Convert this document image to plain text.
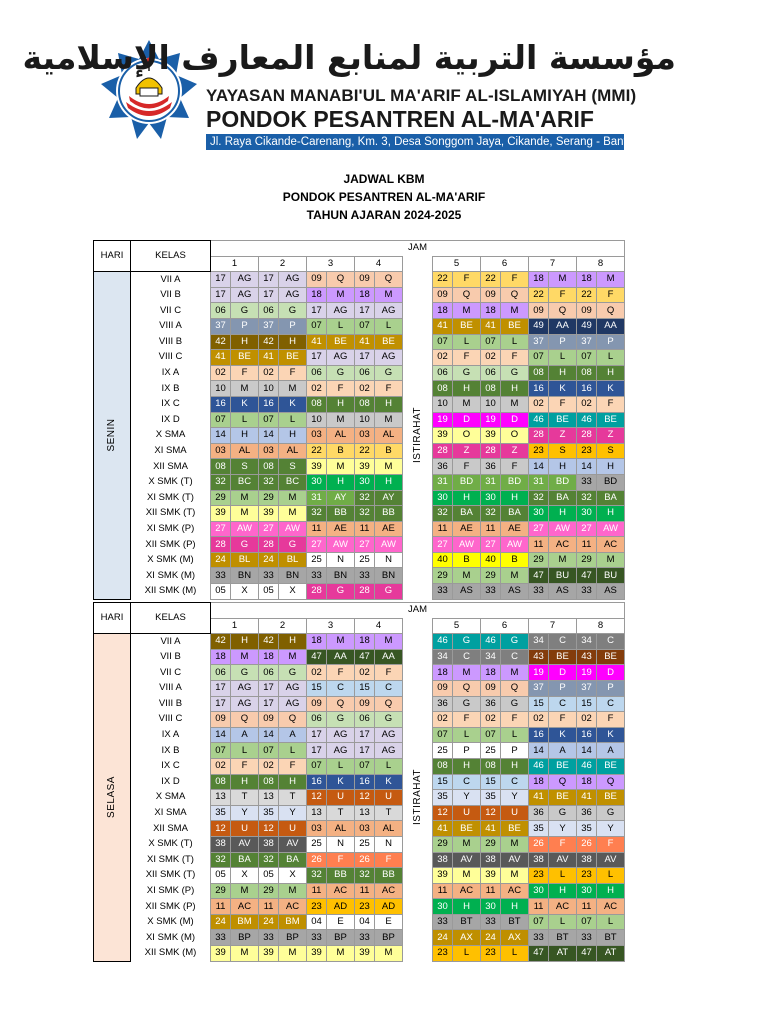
مؤسسة التربية لمنابع المعارف الإسلامية
YAYASAN MANABI'UL MA'ARIF AL-ISLAMIYAH (MMI)
PONDOK PESANTREN AL-MA'ARIF
Jl. Raya Cikande-Carenang, Km. 3, Desa Songgom Jaya, Cikande, Serang - Banten (42186)
JADWAL KBM
PONDOK PESANTREN AL-MA'ARIF
TAHUN AJARAN 2024-2025
HARI	KELAS	JAM																
		1		2		3		4			5		6		7		8	

SENIN	VII A	17	AG	17	AG	09	Q	09	Q	ISTIRAHAT	22	F	22	F	18	M	18	M
	VII B	17	AG	17	AG	18	M	18	M		09	Q	09	Q	22	F	22	F
	VII C	06	G	06	G	17	AG	17	AG		18	M	18	M	09	Q	09	Q
	VIII A	37	P	37	P	07	L	07	L		41	BE	41	BE	49	AA	49	AA
	VIII B	42	H	42	H	41	BE	41	BE		07	L	07	L	37	P	37	P
	VIII C	41	BE	41	BE	17	AG	17	AG		02	F	02	F	07	L	07	L
	IX A	02	F	02	F	06	G	06	G		06	G	06	G	08	H	08	H
	IX B	10	M	10	M	02	F	02	F		08	H	08	H	16	K	16	K
	IX C	16	K	16	K	08	H	08	H		10	M	10	M	02	F	02	F
	IX D	07	L	07	L	10	M	10	M		19	D	19	D	46	BE	46	BE
	X SMA	14	H	14	H	03	AL	03	AL		39	O	39	O	28	Z	28	Z
	XI SMA	03	AL	03	AL	22	B	22	B		28	Z	28	Z	23	S	23	S
	XII SMA	08	S	08	S	39	M	39	M		36	F	36	F	14	H	14	H
	X SMK (T)	32	BC	32	BC	30	H	30	H		31	BD	31	BD	31	BD	33	BD
	XI SMK (T)	29	M	29	M	31	AY	32	AY		30	H	30	H	32	BA	32	BA
	XII SMK (T)	39	M	39	M	32	BB	32	BB		32	BA	32	BA	30	H	30	H
	XI SMK (P)	27	AW	27	AW	11	AE	11	AE		11	AE	11	AE	27	AW	27	AW
	XII SMK (P)	28	G	28	G	27	AW	27	AW		27	AW	27	AW	11	AC	11	AC
	X SMK (M)	24	BL	24	BL	25	N	25	N		40	B	40	B	29	M	29	M
	XI SMK (M)	33	BN	33	BN	33	BN	33	BN		29	M	29	M	47	BU	47	BU
	XII SMK (M)	05	X	05	X	28	G	28	G		33	AS	33	AS	33	AS	33	AS
HARI	KELAS	JAM																
		1		2		3		4			5		6		7		8	

SELASA	VII A	42	H	42	H	18	M	18	M	ISTIRAHAT	46	G	46	G	34	C	34	C
	VII B	18	M	18	M	47	AA	47	AA		34	C	34	C	43	BE	43	BE
	VII C	06	G	06	G	02	F	02	F		18	M	18	M	19	D	19	D
	VIII A	17	AG	17	AG	15	C	15	C		09	Q	09	Q	37	P	37	P
	VIII B	17	AG	17	AG	09	Q	09	Q		36	G	36	G	15	C	15	C
	VIII C	09	Q	09	Q	06	G	06	G		02	F	02	F	02	F	02	F
	IX A	14	A	14	A	17	AG	17	AG		07	L	07	L	16	K	16	K
	IX B	07	L	07	L	17	AG	17	AG		25	P	25	P	14	A	14	A
	IX C	02	F	02	F	07	L	07	L		08	H	08	H	46	BE	46	BE
	IX D	08	H	08	H	16	K	16	K		15	C	15	C	18	Q	18	Q
	X SMA	13	T	13	T	12	U	12	U		35	Y	35	Y	41	BE	41	BE
	XI SMA	35	Y	35	Y	13	T	13	T		12	U	12	U	36	G	36	G
	XII SMA	12	U	12	U	03	AL	03	AL		41	BE	41	BE	35	Y	35	Y
	X SMK (T)	38	AV	38	AV	25	N	25	N		29	M	29	M	26	F	26	F
	XI SMK (T)	32	BA	32	BA	26	F	26	F		38	AV	38	AV	38	AV	38	AV
	XII SMK (T)	05	X	05	X	32	BB	32	BB		39	M	39	M	23	L	23	L
	XI SMK (P)	29	M	29	M	11	AC	11	AC		11	AC	11	AC	30	H	30	H
	XII SMK (P)	11	AC	11	AC	23	AD	23	AD		30	H	30	H	11	AC	11	AC
	X SMK (M)	24	BM	24	BM	04	E	04	E		33	BT	33	BT	07	L	07	L
	XI SMK (M)	33	BP	33	BP	33	BP	33	BP		24	AX	24	AX	33	BT	33	BT
	XII SMK (M)	39	M	39	M	39	M	39	M		23	L	23	L	47	AT	47	AT
